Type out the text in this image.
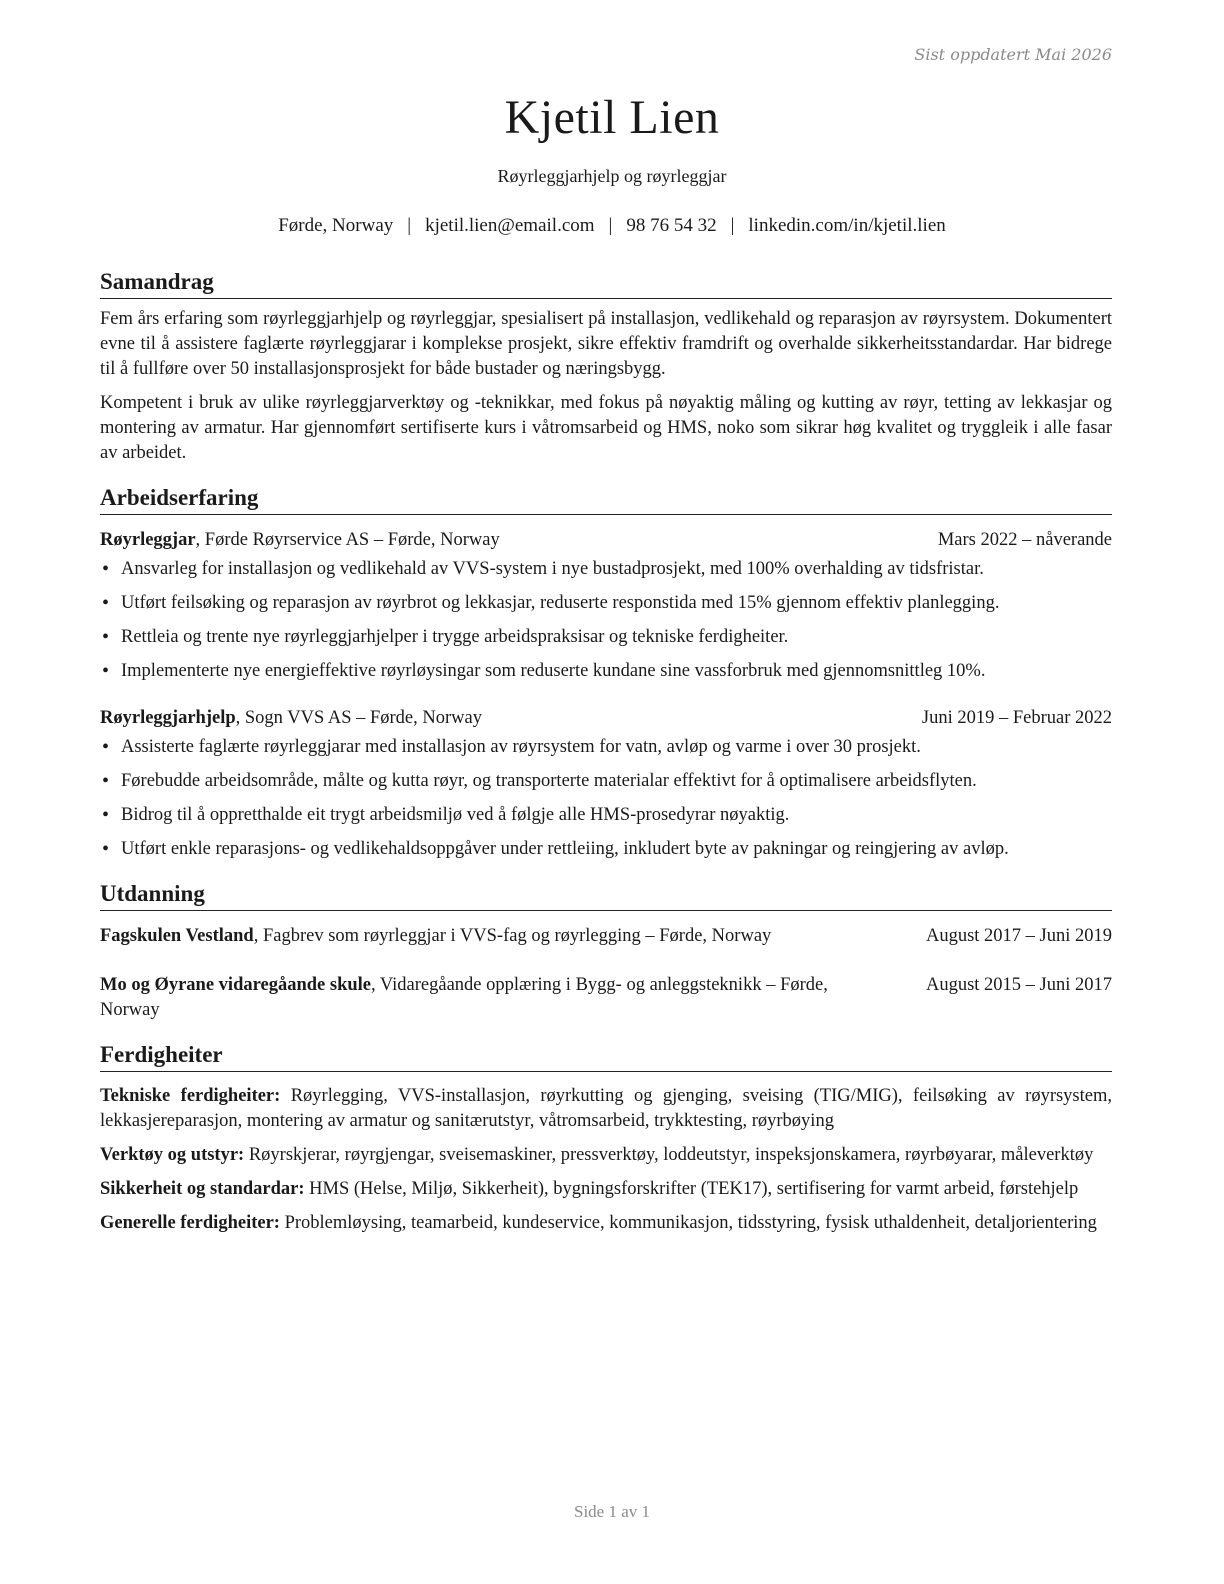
Sist oppdatert Mai 2026
Kjetil Lien
Røyrleggjarhjelp og røyrleggjar
Førde, Norway | kjetil.lien@email.com | 98 76 54 32 | linkedin.com/in/kjetil.lien
Samandrag

Fem års erfaring som røyrleggjarhjelp og røyrleggjar, spesialisert på installasjon, vedlikehald og reparasjon av røyrsystem. Dokumentert evne til å assistere faglærte røyrleggjarar i komplekse prosjekt, sikre effektiv framdrift og overhalde sikkerheitsstandardar. Har bidrege til å fullføre over 50 installasjonsprosjekt for både bustader og næringsbygg.

Kompetent i bruk av ulike røyrleggjarverktøy og -teknikkar, med fokus på nøyaktig måling og kutting av røyr, tetting av lekkasjar og montering av armatur. Har gjennomført sertifiserte kurs i våtromsarbeid og HMS, noko som sikrar høg kvalitet og tryggleik i alle fasar av arbeidet.

Arbeidserfaring
Røyrleggjar, Førde Røyrservice AS – Førde, Norway	Mars 2022 – nåverande
• Ansvarleg for installasjon og vedlikehald av VVS-system i nye bustadprosjekt, med 100% overhalding av tidsfristar.
• Utført feilsøking og reparasjon av røyrbrot og lekkasjar, reduserte responstida med 15% gjennom effektiv planlegging.
• Rettleia og trente nye røyrleggjarhjelper i trygge arbeidspraksisar og tekniske ferdigheiter.
• Implementerte nye energieffektive røyrløysingar som reduserte kundane sine vassforbruk med gjennomsnittleg 10%.
Røyrleggjarhjelp, Sogn VVS AS – Førde, Norway	Juni 2019 – Februar 2022
• Assisterte faglærte røyrleggjarar med installasjon av røyrsystem for vatn, avløp og varme i over 30 prosjekt.
• Førebudde arbeidsområde, målte og kutta røyr, og transporterte materialar effektivt for å optimalisere arbeidsflyten.
• Bidrog til å oppretthalde eit trygt arbeidsmiljø ved å følgje alle HMS-prosedyrar nøyaktig.
• Utført enkle reparasjons- og vedlikehaldsoppgåver under rettleiing, inkludert byte av pakningar og reingjering av avløp.
Utdanning
Fagskulen Vestland, Fagbrev som røyrleggjar i VVS-fag og røyrlegging – Førde, Norway	August 2017 – Juni 2019
Mo og Øyrane vidaregåande skule, Vidaregåande opplæring i Bygg- og anleggsteknikk – Førde, Norway
August 2015 – Juni 2017
Ferdigheiter
Tekniske ferdigheiter: Røyrlegging, VVS-installasjon, røyrkutting og gjenging, sveising (TIG/MIG), feilsøking av røyrsystem, lekkasjereparasjon, montering av armatur og sanitærutstyr, våtromsarbeid, trykktesting, røyrbøying
Verktøy og utstyr: Røyrskjerar, røyrgjengar, sveisemaskiner, pressverktøy, loddeutstyr, inspeksjonskamera, røyrbøyarar, måleverktøy
Sikkerheit og standardar: HMS (Helse, Miljø, Sikkerheit), bygningsforskrifter (TEK17), sertifisering for varmt arbeid, førstehjelp
Generelle ferdigheiter: Problemløysing, teamarbeid, kundeservice, kommunikasjon, tidsstyring, fysisk uthaldenheit, detaljorientering
Side 1 av 1
